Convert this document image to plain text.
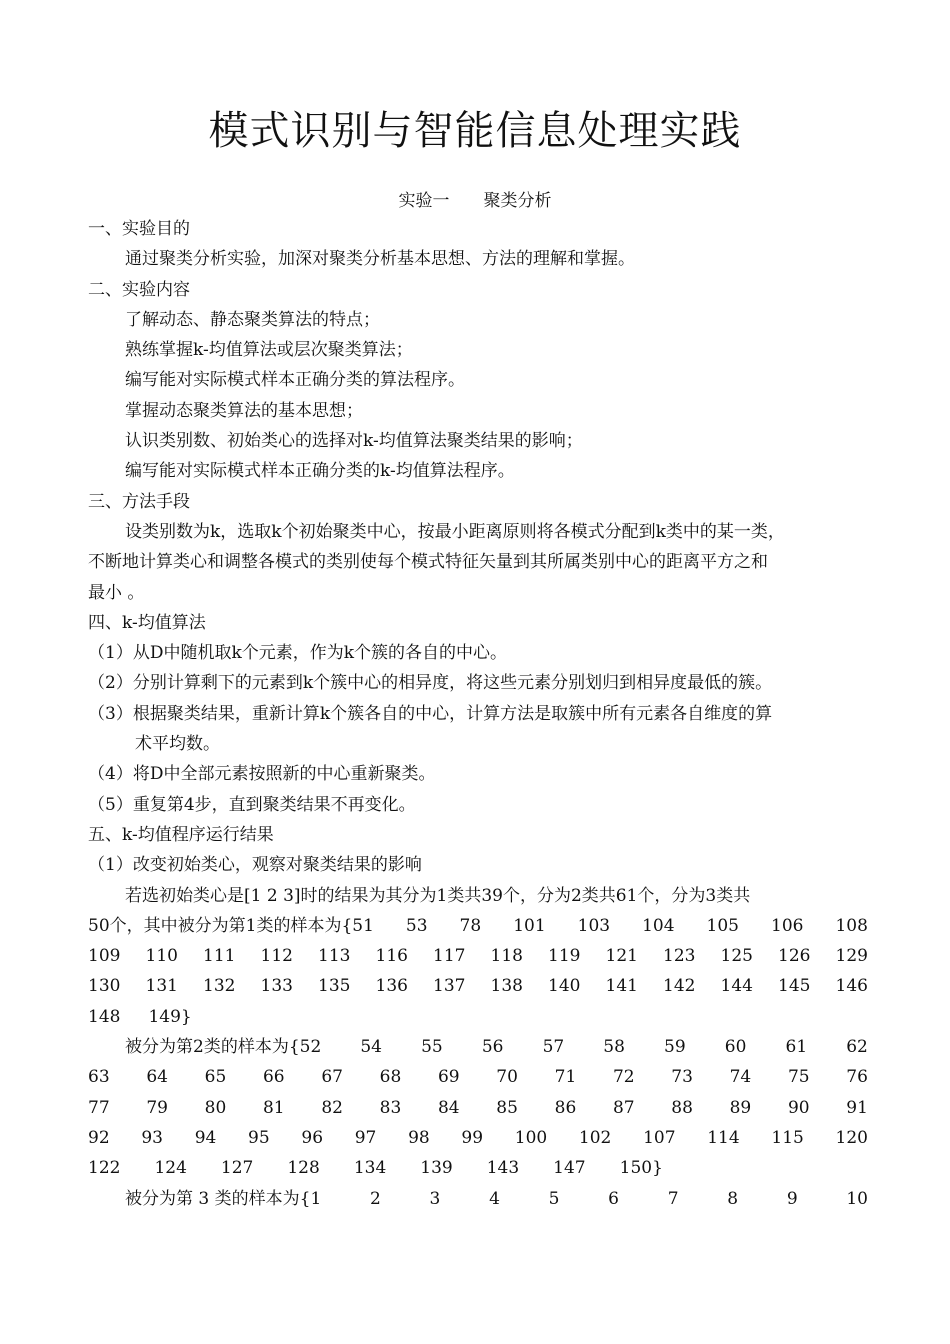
模式识别与智能信息处理实践
实验一　　聚类分析
一、实验目的
通过聚类分析实验，加深对聚类分析基本思想、方法的理解和掌握。
二、实验内容
了解动态、静态聚类算法的特点；
熟练掌握k-均值算法或层次聚类算法；
编写能对实际模式样本正确分类的算法程序。
掌握动态聚类算法的基本思想；
认识类别数、初始类心的选择对k-均值算法聚类结果的影响；
编写能对实际模式样本正确分类的k-均值算法程序。
三、方法手段
设类别数为k，选取k个初始聚类中心，按最小距离原则将各模式分配到k类中的某一类，
不断地计算类心和调整各模式的类别使每个模式特征矢量到其所属类别中心的距离平方之和
最小 。
四、k-均值算法
（1）从D中随机取k个元素，作为k个簇的各自的中心。
（2）分别计算剩下的元素到k个簇中心的相异度，将这些元素分别划归到相异度最低的簇。
（3）根据聚类结果，重新计算k个簇各自的中心，计算方法是取簇中所有元素各自维度的算
术平均数。
（4）将D中全部元素按照新的中心重新聚类。
（5）重复第4步，直到聚类结果不再变化。
五、k-均值程序运行结果
（1）改变初始类心，观察对聚类结果的影响
若选初始类心是[1 2 3]时的结果为其分为1类共39个，分为2类共61个，分为3类共
50个，其中被分为第1类的样本为{51 53 78 101 103 104 105 106 108
109 110 111 112 113 116 117 118 119 121 123 125 126 129
130 131 132 133 135 136 137 138 140 141 142 144 145 146
148 149}
被分为第2类的样本为{52 54 55 56 57 58 59 60 61 62
63 64 65 66 67 68 69 70 71 72 73 74 75 76
77 79 80 81 82 83 84 85 86 87 88 89 90 91
92 93 94 95 96 97 98 99 100 102 107 114 115 120
122 124 127 128 134 139 143 147 150}
被分为第 3 类的样本为{1	2	3	4	5	6	7	8	9	10
